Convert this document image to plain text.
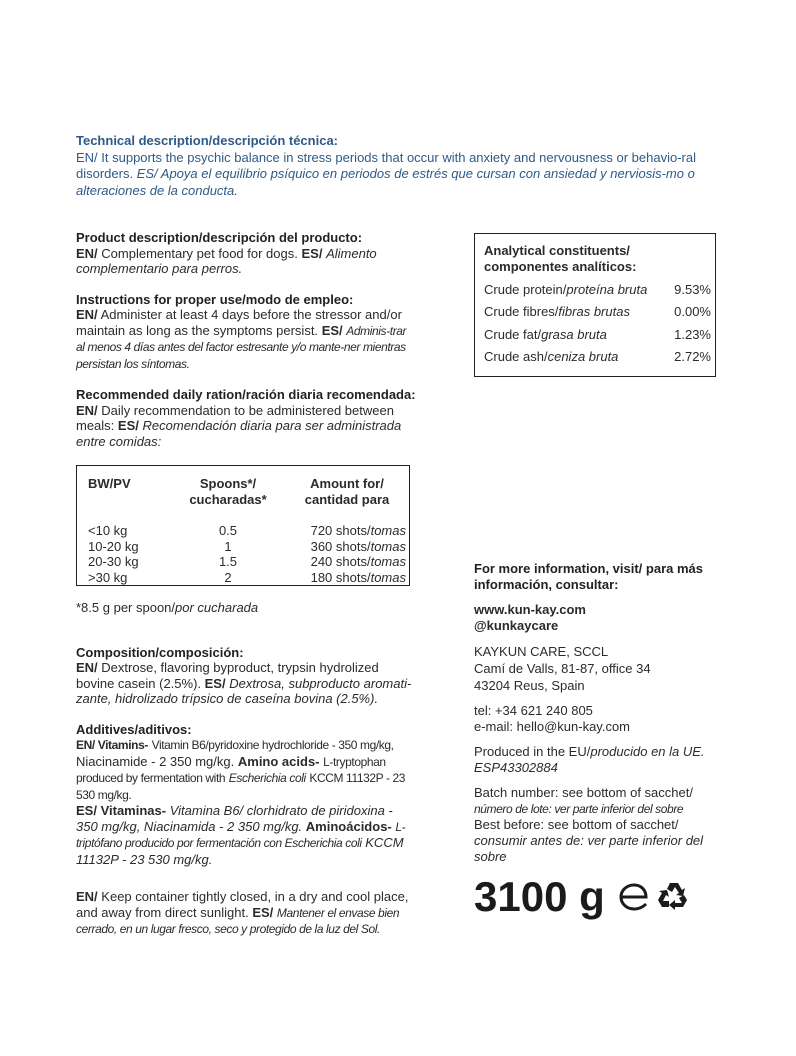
Technical description/descripción técnica:

EN/ It supports the psychic balance in stress periods that occur with anxiety and nervousness or behavio-ral disorders. ES/ Apoya el equilibrio psíquico en periodos de estrés que cursan con ansiedad y nerviosis-mo o alteraciones de la conducta.

Product description/descripción del producto:

EN/ Complementary pet food for dogs. ES/ Alimento complementario para perros.

Instructions for proper use/modo de empleo:

EN/ Administer at least 4 days before the stressor and/or maintain as long as the symptoms persist. ES/ Adminis-trar al menos 4 días antes del factor estresante y/o mante-ner mientras persistan los síntomas.

Recommended daily ration/ración diaria recomendada:

EN/ Daily recommendation to be administered between meals: ES/ Recomendación diaria para ser administrada entre comidas:

BW/PV	Spoons*/ cucharadas*	Amount for/ cantidad para
<10 kg	0.5	720 shots/tomas
10-20 kg	1	360 shots/tomas
20-30 kg	1.5	240 shots/tomas
>30 kg	2	180 shots/tomas

*8.5 g per spoon/por cucharada

Composition/composición:

EN/ Dextrose, flavoring byproduct, trypsin hydrolized bovine casein (2.5%). ES/ Dextrosa, subproducto aromati-zante, hidrolizado trípsico de caseína bovina (2.5%).

Additives/aditivos:

EN/ Vitamins- Vitamin B6/pyridoxine hydrochloride - 350 mg/kg, Niacinamide - 2 350 mg/kg. Amino acids- L-tryptophan produced by fermentation with Escherichia coli KCCM 11132P - 23 530 mg/kg.

ES/ Vitaminas- Vitamina B6/ clorhidrato de piridoxina - 350 mg/kg, Niacinamida - 2 350 mg/kg. Aminoácidos- L-triptófano producido por fermentación con Escherichia coli KCCM 11132P - 23 530 mg/kg.

EN/ Keep container tightly closed, in a dry and cool place, and away from direct sunlight. ES/ Mantener el envase bien cerrado, en un lugar fresco, seco y protegido de la luz del Sol.

Analytical constituents/ componentes analíticos:

Crude protein/proteína bruta 9.53%
Crude fibres/fibras brutas	0.00%
Crude fat/grasa bruta	1.23%
Crude ash/ceniza bruta	2.72%

For more information, visit/ para más información, consultar:

www.kun-kay.com

@kunkaycare

KAYKUN CARE, SCCL

Camí de Valls, 81-87, office 34

43204 Reus, Spain

tel: +34 621 240 805

e-mail: hello@kun-kay.com

Produced in the EU/producido en la UE.

ESP43302884

Batch number: see bottom of sacchet/

número de lote: ver parte inferior del sobre

Best before: see bottom of sacchet/

consumir antes de: ver parte inferior del sobre

3100 g
